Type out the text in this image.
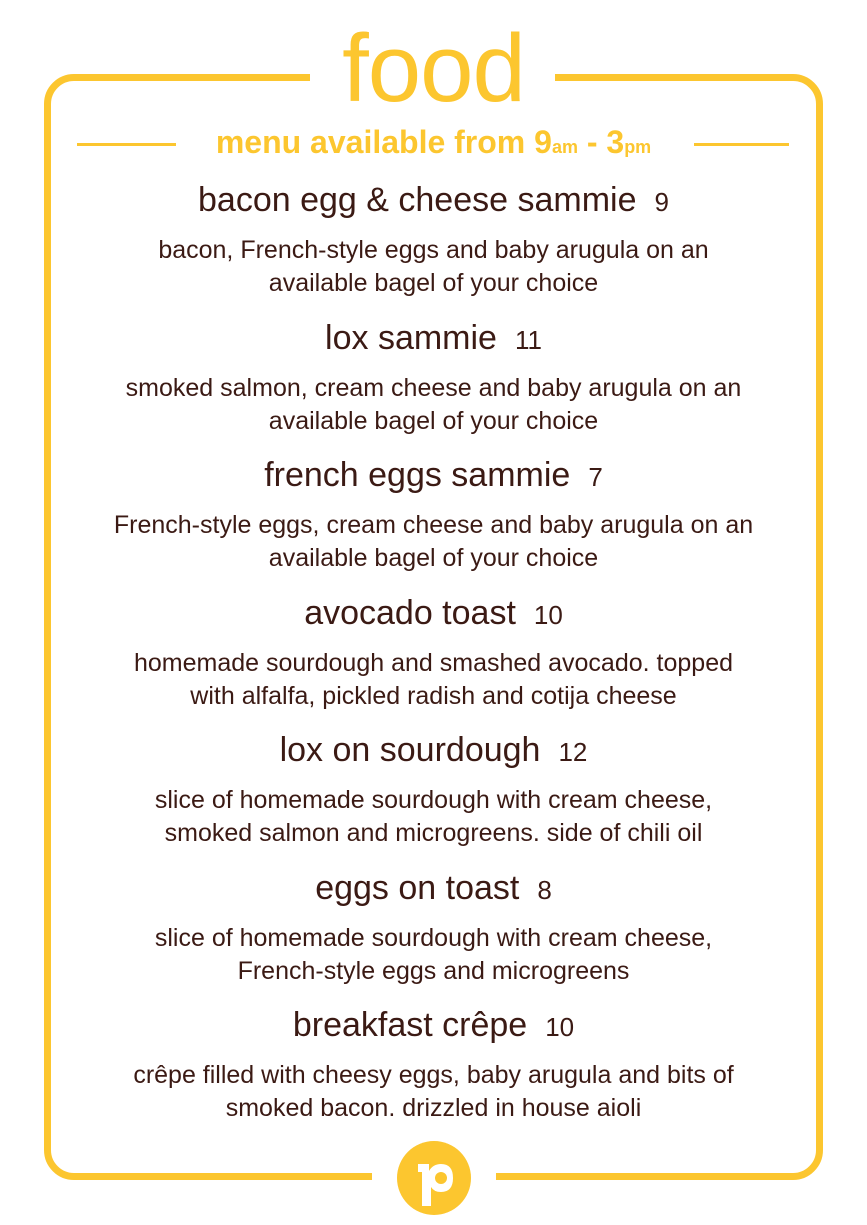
food
menu available from 9am - 3pm
bacon egg & cheese sammie 9
bacon, French-style eggs and baby arugula on an
available bagel of your choice
lox sammie 11
smoked salmon, cream cheese and baby arugula on an
available bagel of your choice
french eggs sammie 7
French-style eggs, cream cheese and baby arugula on an
available bagel of your choice
avocado toast 10
homemade sourdough and smashed avocado. topped
with alfalfa, pickled radish and cotija cheese
lox on sourdough 12
slice of homemade sourdough with cream cheese,
smoked salmon and microgreens. side of chili oil
eggs on toast 8
slice of homemade sourdough with cream cheese,
French-style eggs and microgreens
breakfast crêpe 10
crêpe filled with cheesy eggs, baby arugula and bits of
smoked bacon. drizzled in house aioli
